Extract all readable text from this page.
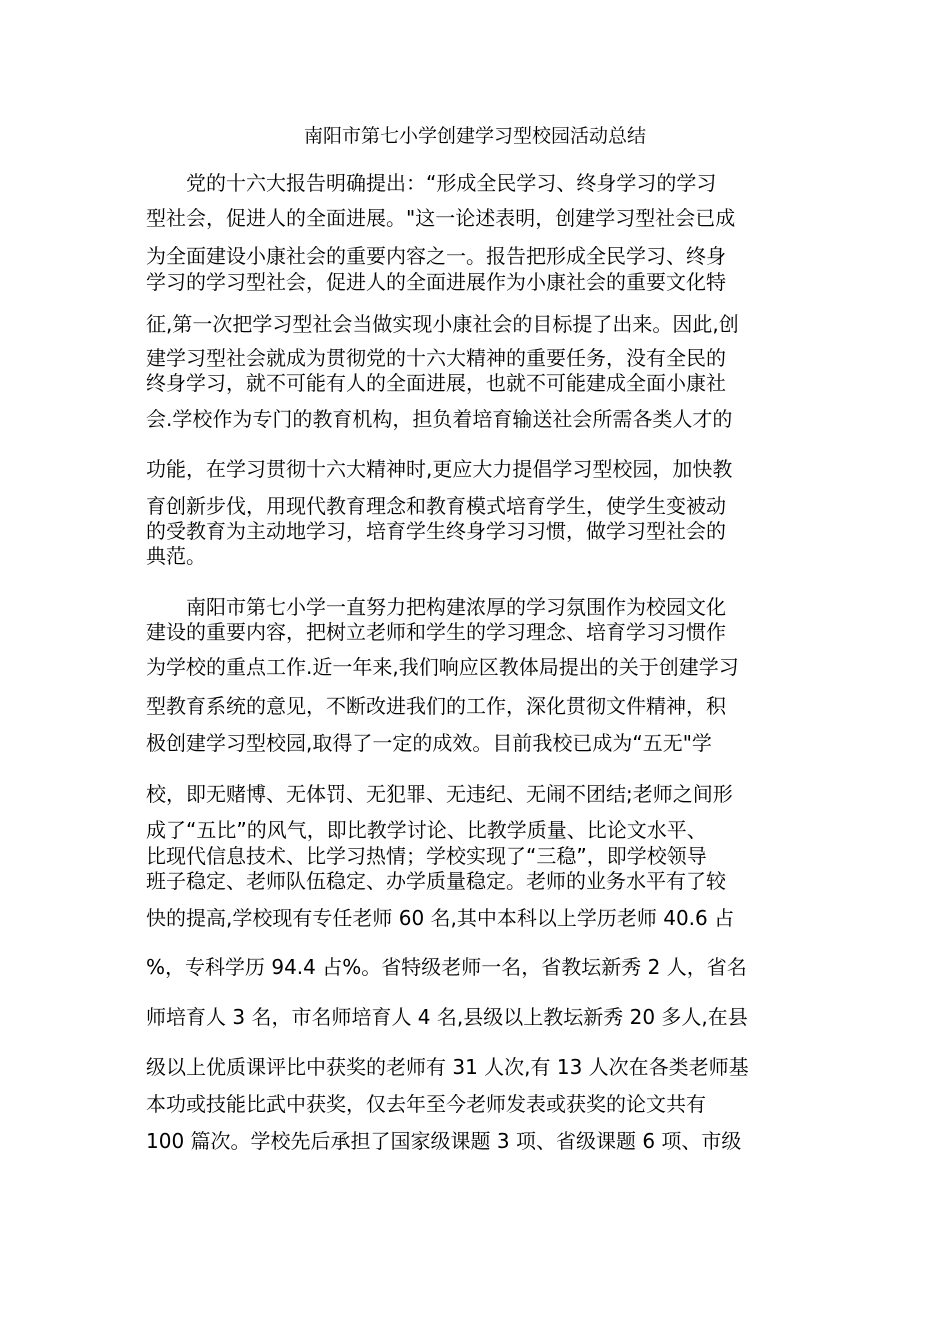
南阳市第七小学创建学习型校园活动总结
　　党的十六大报告明确提出：“形成全民学习、终身学习的学习
型社会，促进人的全面进展。"这一论述表明，创建学习型社会已成
为全面建设小康社会的重要内容之一。报告把形成全民学习、终身
学习的学习型社会，促进人的全面进展作为小康社会的重要文化特
征,第一次把学习型社会当做实现小康社会的目标提了出来。因此,创
建学习型社会就成为贯彻党的十六大精神的重要任务，没有全民的
终身学习，就不可能有人的全面进展，也就不可能建成全面小康社
会.学校作为专门的教育机构，担负着培育输送社会所需各类人才的
功能，在学习贯彻十六大精神时,更应大力提倡学习型校园，加快教
育创新步伐，用现代教育理念和教育模式培育学生，使学生变被动
的受教育为主动地学习，培育学生终身学习习惯，做学习型社会的
典范。
　　南阳市第七小学一直努力把构建浓厚的学习氛围作为校园文化
建设的重要内容，把树立老师和学生的学习理念、培育学习习惯作
为学校的重点工作.近一年来,我们响应区教体局提出的关于创建学习
型教育系统的意见，不断改进我们的工作，深化贯彻文件精神，积
极创建学习型校园,取得了一定的成效。目前我校已成为“五无"学
校，即无赌博、无体罚、无犯罪、无违纪、无闹不团结;老师之间形
成了“五比”的风气，即比教学讨论、比教学质量、比论文水平、
比现代信息技术、比学习热情；学校实现了“三稳”，即学校领导
班子稳定、老师队伍稳定、办学质量稳定。老师的业务水平有了较
快的提高,学校现有专任老师 60 名,其中本科以上学历老师 40.6 占
%，专科学历 94.4 占%。省特级老师一名，省教坛新秀 2 人，省名
师培育人 3 名，市名师培育人 4 名,县级以上教坛新秀 20 多人,在县
级以上优质课评比中获奖的老师有 31 人次,有 13 人次在各类老师基
本功或技能比武中获奖，仅去年至今老师发表或获奖的论文共有
100 篇次。学校先后承担了国家级课题 3 项、省级课题 6 项、市级
